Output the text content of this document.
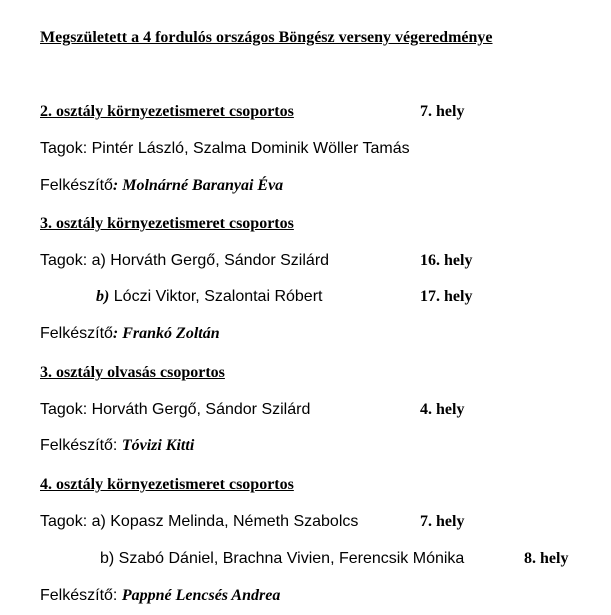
Megszületett a 4 fordulós országos Böngész verseny végeredménye
2. osztály környezetismeret csoportos	7. hely
Tagok: Pintér László, Szalma Dominik Wöller Tamás
Felkészítő: Molnárné Baranyai Éva
3. osztály környezetismeret csoportos
Tagok: a) Horváth Gergő, Sándor Szilárd	16. hely
b) Lóczi Viktor, Szalontai Róbert	17. hely
Felkészítő: Frankó Zoltán
3. osztály olvasás csoportos
Tagok: Horváth Gergő, Sándor Szilárd	4. hely
Felkészítő: Tóvizi Kitti
4. osztály környezetismeret csoportos
Tagok: a) Kopasz Melinda, Németh Szabolcs	7. hely
b) Szabó Dániel, Brachna Vivien, Ferencsik Mónika	8. hely
Felkészítő: Pappné Lencsés Andrea
